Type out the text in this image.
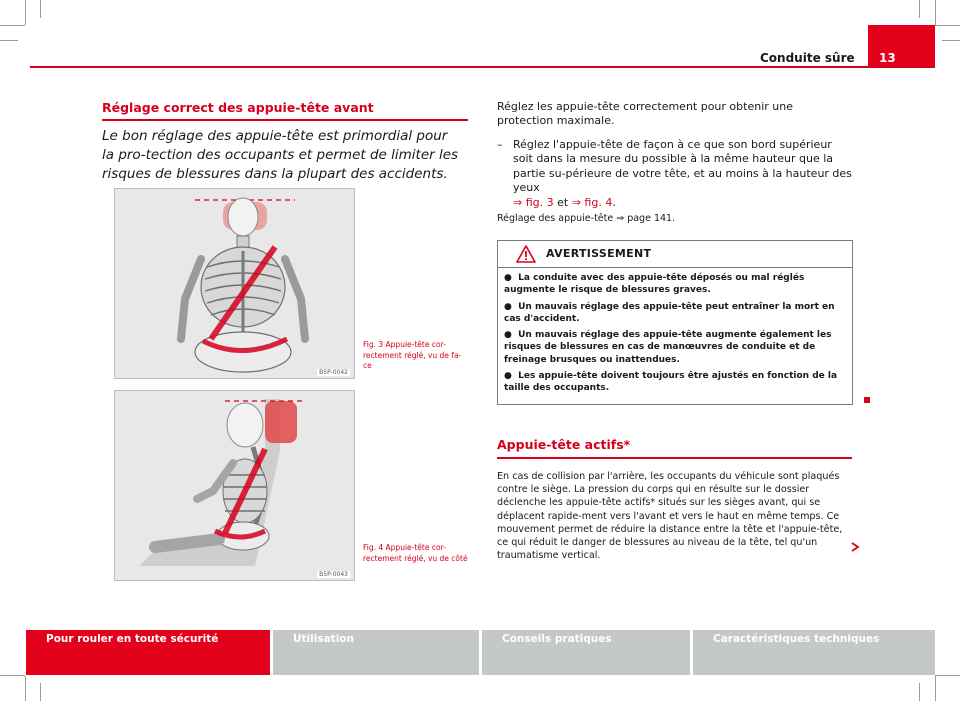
Conduite sûre 13
Réglage correct des appuie-tête avant
Le bon réglage des appuie-tête est primordial pour la pro-tection des occupants et permet de limiter les risques de blessures dans la plupart des accidents.
B5P-0042
Fig. 3 Appuie-tête cor-rectement réglé, vu de fa-ce
B5P-0043
Fig. 4 Appuie-tête cor-rectement réglé, vu de côté
Réglez les appuie-tête correctement pour obtenir une protection maximale.
– Réglez l'appuie-tête de façon à ce que son bord supérieur soit dans la mesure du possible à la même hauteur que la partie su-périeure de votre tête, et au moins à la hauteur des yeux
⇒ fig. 3 et ⇒ fig. 4.
Réglage des appuie-tête ⇒ page 141.
AVERTISSEMENT
●  La conduite avec des appuie-tête déposés ou mal réglés augmente le risque de blessures graves.
●  Un mauvais réglage des appuie-tête peut entraîner la mort en cas d'accident.
●  Un mauvais réglage des appuie-tête augmente également les risques de blessures en cas de manœuvres de conduite et de freinage brusques ou inattendues.
●  Les appuie-tête doivent toujours être ajustés en fonction de la taille des occupants.
Appuie-tête actifs*
En cas de collision par l'arrière, les occupants du véhicule sont plaqués contre le siège. La pression du corps qui en résulte sur le dossier déclenche les appuie-tête actifs* situés sur les sièges avant, qui se déplacent rapide-ment vers l'avant et vers le haut en même temps. Ce mouvement permet de réduire la distance entre la tête et l'appuie-tête, ce qui réduit le danger de blessures au niveau de la tête, tel qu'un traumatisme vertical.
Pour rouler en toute sécurité	Utilisation	Conseils pratiques	Caractéristiques techniques
